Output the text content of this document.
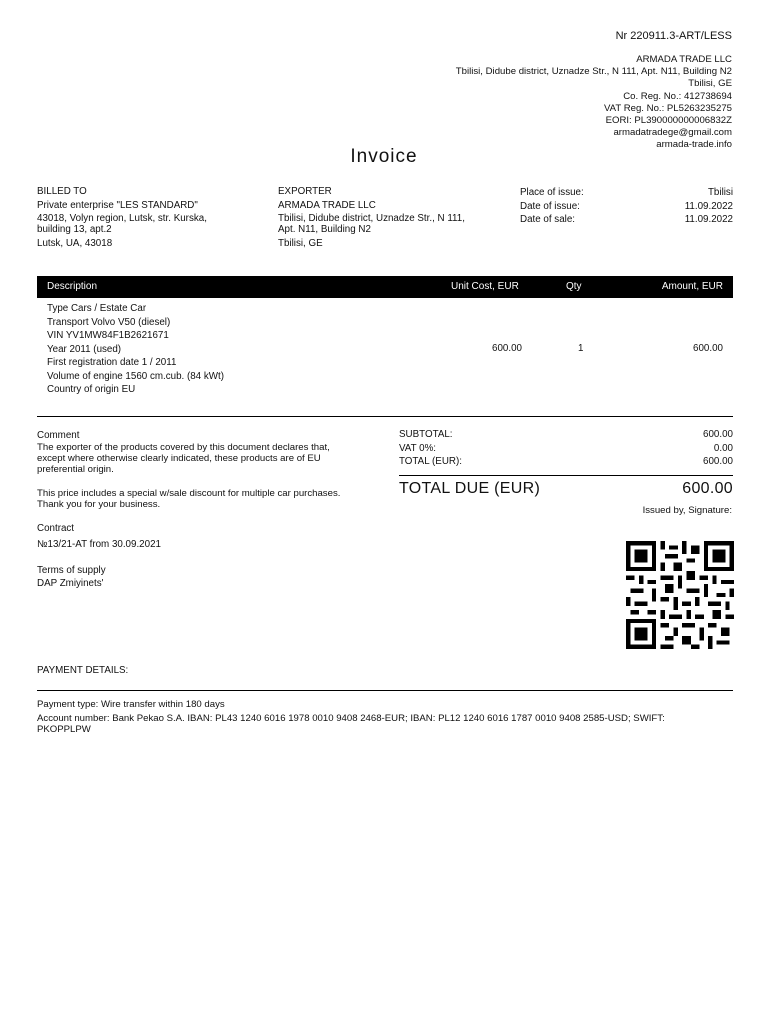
Nr 220911.3-ART/LESS
ARMADA TRADE LLC
Tbilisi, Didube district, Uznadze Str., N 111, Apt. N11, Building N2
Tbilisi, GE
Co. Reg. No.: 412738694
VAT Reg. No.: PL5263235275
EORI: PL390000000006832Z
armadatradege@gmail.com
armada-trade.info
Invoice
BILLED TO
Private enterprise "LES STANDARD"
43018, Volyn region, Lutsk, str. Kurska,
building 13, apt.2
Lutsk, UA, 43018
EXPORTER
ARMADA TRADE LLC
Tbilisi, Didube district, Uznadze Str., N 111,
Apt. N11, Building N2
Tbilisi, GE
Place of issue:	Tbilisi
Date of issue:	11.09.2022
Date of sale:	11.09.2022
Description	Unit Cost, EUR	Qty	Amount, EUR
Type Cars / Estate Car
Transport Volvo V50 (diesel)
VIN YV1MW84F1B2621671
Year 2011 (used)
First registration date 1 / 2011
Volume of engine 1560 cm.cub. (84 kWt)
Country of origin EU
600.00	1	600.00
Comment
The exporter of the products covered by this document declares that,
except where otherwise clearly indicated, these products are of EU
preferential origin.
This price includes a special w/sale discount for multiple car purchases.
Thank you for your business.
Contract
№13/21-AT from 30.09.2021
Terms of supply
DAP Zmiyinets'
SUBTOTAL:	600.00
VAT 0%:	0.00
TOTAL (EUR):	600.00
TOTAL DUE (EUR)	600.00
Issued by, Signature:
PAYMENT DETAILS:
Payment type: Wire transfer within 180 days
Account number: Bank Pekao S.A. IBAN: PL43 1240 6016 1978 0010 9408 2468-EUR; IBAN: PL12 1240 6016 1787 0010 9408 2585-USD; SWIFT:
PKOPPLPW
